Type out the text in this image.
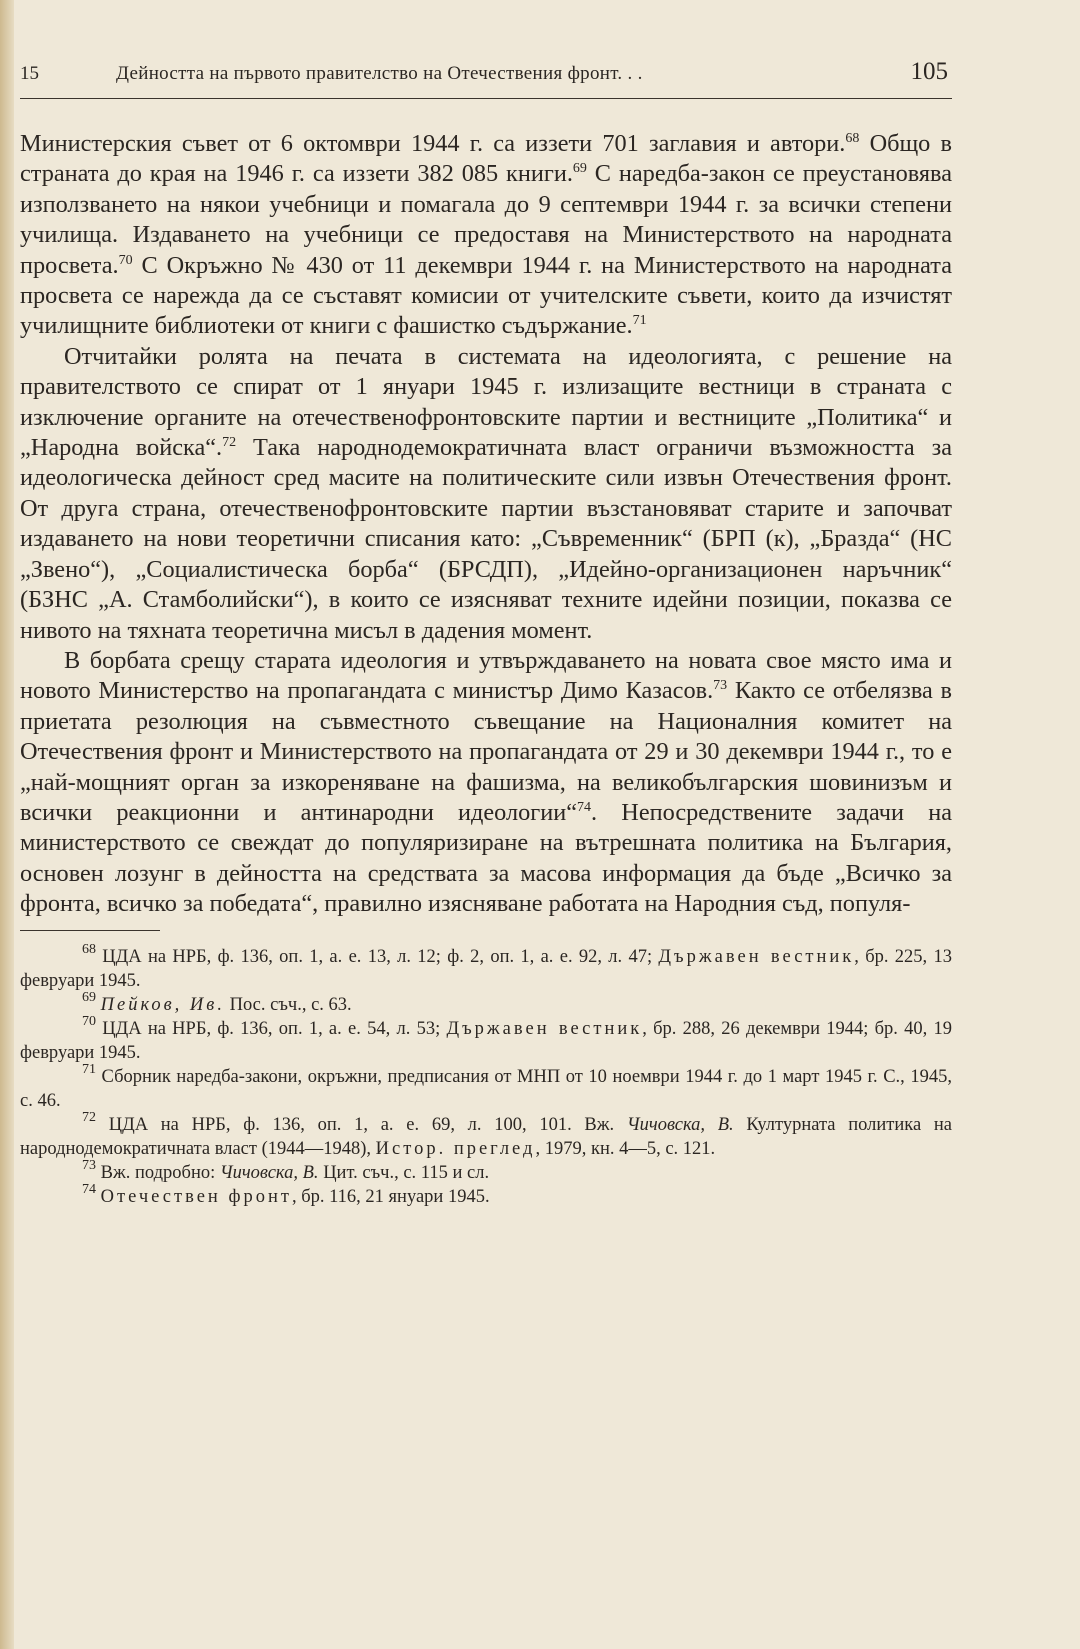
15	Дейността на първото правителство на Отечествения фронт. . .	105

Министерския съвет от 6 октомври 1944 г. са иззети 701 заглавия и автори.$^{68}$ Общо в страната до края на 1946 г. са иззети 382 085 книги.$^{69}$ С наредба-закон се преустановява използването на някои учебници и помагала до 9 септември 1944 г. за всички степени училища. Издаването на учебници се предоставя на Министерството на народната просвета.$^{70}$ С Окръжно № 430 от 11 декември 1944 г. на Министерството на народната просвета се нарежда да се съставят комисии от учителските съвети, които да изчистят училищните библиотеки от книги с фашистко съдържание.$^{71}$

Отчитайки ролята на печата в системата на идеологията, с решение на правителството се спират от 1 януари 1945 г. излизащите вестници в страната с изключение органите на отечественофронтовските партии и вестниците „Политика“ и „Народна войска“.$^{72}$ Така народнодемократичната власт ограничи възможността за идеологическа дейност сред масите на политическите сили извън Отечествения фронт. От друга страна, отечественофронтовските партии възстановяват старите и започват издаването на нови теоретични списания като: „Съвременник“ (БРП (к), „Бразда“ (НС „Звено“), „Социалистическа борба“ (БРСДП), „Идейно-организационен наръчник“ (БЗНС „А. Стамболийски“), в които се изясняват техните идейни позиции, показва се нивото на тяхната теоретична мисъл в дадения момент.

В борбата срещу старата идеология и утвърждаването на новата свое място има и новото Министерство на пропагандата с министър Димо Казасов.$^{73}$ Както се отбелязва в приетата резолюция на съвместното съвещание на Националния комитет на Отечествения фронт и Министерството на пропагандата от 29 и 30 декември 1944 г., то е „най-мощният орган за изкореняване на фашизма, на великобългарския шовинизъм и всички реакционни и антинародни идеологии“$^{74}$. Непосредствените задачи на министерството се свеждат до популяризиране на вътрешната политика на България, основен лозунг в дейността на средствата за масова информация да бъде „Всичко за фронта, всичко за победата“, правилно изясняване работата на Народния съд, популя-

$^{68}$ ЦДА на НРБ, ф. 136, оп. 1, а. е. 13, л. 12; ф. 2, оп. 1, а. е. 92, л. 47; Държавен вестник, бр. 225, 13 февруари 1945.

$^{69}$ Пейков, Ив. Пос. съч., с. 63.

$^{70}$ ЦДА на НРБ, ф. 136, оп. 1, а. е. 54, л. 53; Държавен вестник, бр. 288, 26 декември 1944; бр. 40, 19 февруари 1945.

$^{71}$ Сборник наредба-закони, окръжни, предписания от МНП от 10 ноември 1944 г. до 1 март 1945 г. С., 1945, с. 46.

$^{72}$ ЦДА на НРБ, ф. 136, оп. 1, а. е. 69, л. 100, 101. Вж. Чичовска, В. Културната политика на народнодемократичната власт (1944—1948), Истор. преглед, 1979, кн. 4—5, с. 121.

$^{73}$ Вж. подробно: Чичовска, В. Цит. съч., с. 115 и сл.

$^{74}$ Отечествен фронт, бр. 116, 21 януари 1945.
